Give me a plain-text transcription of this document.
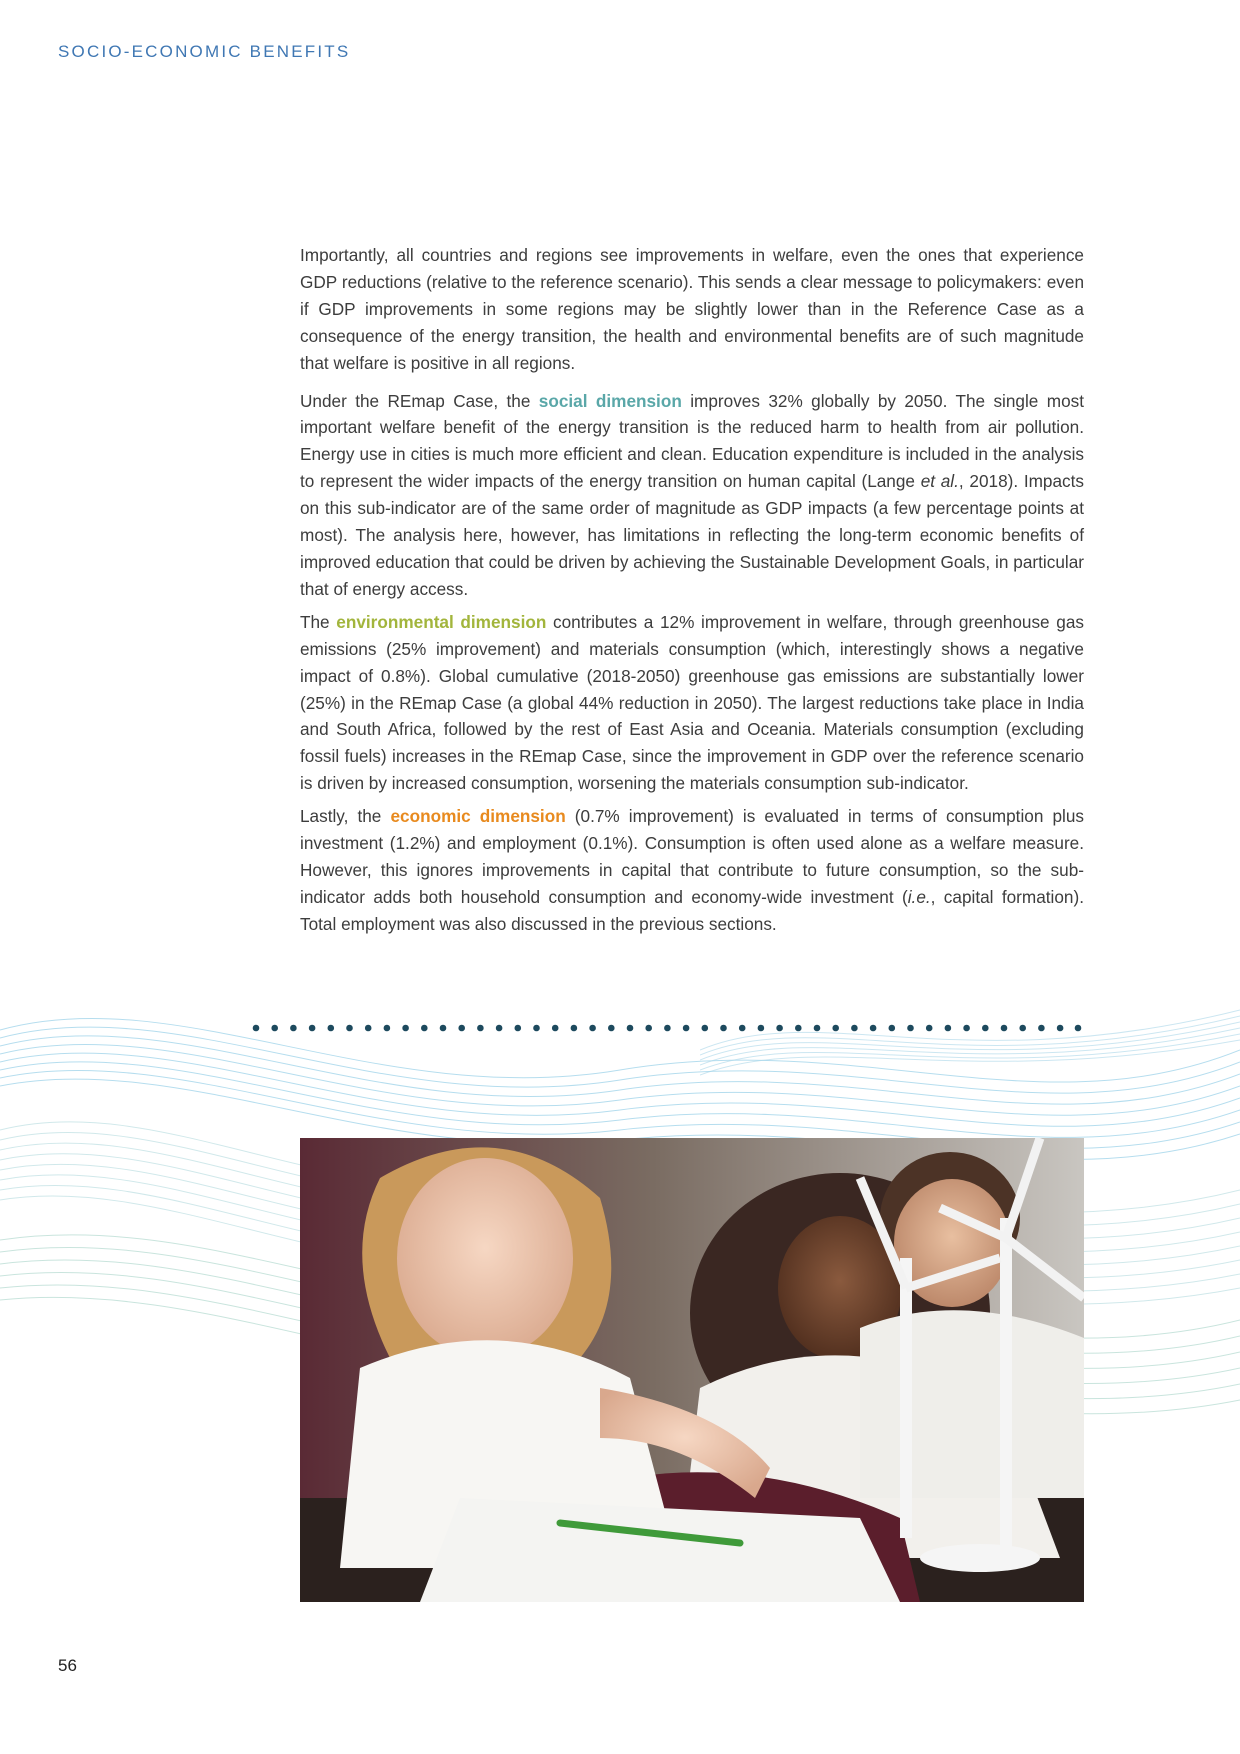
SOCIO-ECONOMIC BENEFITS

Importantly, all countries and regions see improvements in welfare, even the ones that experience GDP reductions (relative to the reference scenario). This sends a clear message to policymakers: even if GDP improvements in some regions may be slightly lower than in the Reference Case as a consequence of the energy transition, the health and environmental benefits are of such magnitude that welfare is positive in all regions.

Under the REmap Case, the social dimension improves 32% globally by 2050. The single most important welfare benefit of the energy transition is the reduced harm to health from air pollution. Energy use in cities is much more efficient and clean. Education expenditure is included in the analysis to represent the wider impacts of the energy transition on human capital (Lange et al., 2018). Impacts on this sub-indicator are of the same order of magnitude as GDP impacts (a few percentage points at most). The analysis here, however, has limitations in reflecting the long-term economic benefits of improved education that could be driven by achieving the Sustainable Development Goals, in particular that of energy access.

The environmental dimension contributes a 12% improvement in welfare, through greenhouse gas emissions (25% improvement) and materials consumption (which, interestingly shows a negative impact of 0.8%). Global cumulative (2018-2050) greenhouse gas emissions are substantially lower (25%) in the REmap Case (a global 44% reduction in 2050). The largest reductions take place in India and South Africa, followed by the rest of East Asia and Oceania. Materials consumption (excluding fossil fuels) increases in the REmap Case, since the improvement in GDP over the reference scenario is driven by increased consumption, worsening the materials consumption sub-indicator.

Lastly, the economic dimension (0.7% improvement) is evaluated in terms of consumption plus investment (1.2%) and employment (0.1%). Consumption is often used alone as a welfare measure. However, this ignores improvements in capital that contribute to future consumption, so the sub-indicator adds both household consumption and economy-wide investment (i.e., capital formation). Total employment was also discussed in the previous sections.

56
